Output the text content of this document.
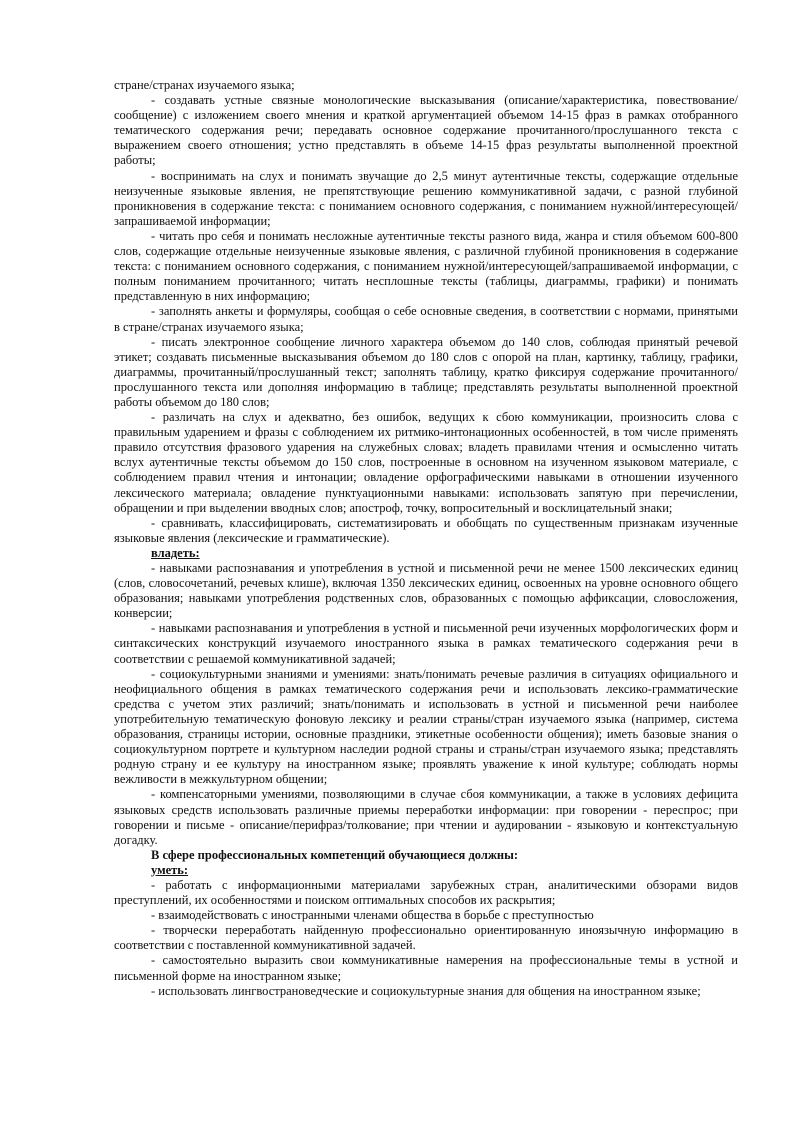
стране/странах изучаемого языка;

- создавать устные связные монологические высказывания (описание/характеристика, повествование/сообщение) с изложением своего мнения и краткой аргументацией объемом 14-15 фраз в рамках отобранного тематического содержания речи; передавать основное содержание прочитанного/прослушанного текста с выражением своего отношения; устно представлять в объеме 14-15 фраз результаты выполненной проектной работы;

- воспринимать на слух и понимать звучащие до 2,5 минут аутентичные тексты, содержащие отдельные неизученные языковые явления, не препятствующие решению коммуникативной задачи, с разной глубиной проникновения в содержание текста: с пониманием основного содержания, с пониманием нужной/интересующей/запрашиваемой информации;

- читать про себя и понимать несложные аутентичные тексты разного вида, жанра и стиля объемом 600-800 слов, содержащие отдельные неизученные языковые явления, с различной глубиной проникновения в содержание текста: с пониманием основного содержания, с пониманием нужной/интересующей/запрашиваемой информации, с полным пониманием прочитанного; читать несплошные тексты (таблицы, диаграммы, графики) и понимать представленную в них информацию;

- заполнять анкеты и формуляры, сообщая о себе основные сведения, в соответствии с нормами, принятыми в стране/странах изучаемого языка;

- писать электронное сообщение личного характера объемом до 140 слов, соблюдая принятый речевой этикет; создавать письменные высказывания объемом до 180 слов с опорой на план, картинку, таблицу, графики, диаграммы, прочитанный/прослушанный текст; заполнять таблицу, кратко фиксируя содержание прочитанного/прослушанного текста или дополняя информацию в таблице; представлять результаты выполненной проектной работы объемом до 180 слов;

- различать на слух и адекватно, без ошибок, ведущих к сбою коммуникации, произносить слова с правильным ударением и фразы с соблюдением их ритмико-интонационных особенностей, в том числе применять правило отсутствия фразового ударения на служебных словах; владеть правилами чтения и осмысленно читать вслух аутентичные тексты объемом до 150 слов, построенные в основном на изученном языковом материале, с соблюдением правил чтения и интонации; овладение орфографическими навыками в отношении изученного лексического материала; овладение пунктуационными навыками: использовать запятую при перечислении, обращении и при выделении вводных слов; апостроф, точку, вопросительный и восклицательный знаки;

- сравнивать, классифицировать, систематизировать и обобщать по существенным признакам изученные языковые явления (лексические и грамматические).

владеть:

- навыками распознавания и употребления в устной и письменной речи не менее 1500 лексических единиц (слов, словосочетаний, речевых клише), включая 1350 лексических единиц, освоенных на уровне основного общего образования; навыками употребления родственных слов, образованных с помощью аффиксации, словосложения, конверсии;

- навыками распознавания и употребления в устной и письменной речи изученных морфологических форм и синтаксических конструкций изучаемого иностранного языка в рамках тематического содержания речи в соответствии с решаемой коммуникативной задачей;

- социокультурными знаниями и умениями: знать/понимать речевые различия в ситуациях официального и неофициального общения в рамках тематического содержания речи и использовать лексико-грамматические средства с учетом этих различий; знать/понимать и использовать в устной и письменной речи наиболее употребительную тематическую фоновую лексику и реалии страны/стран изучаемого языка (например, система образования, страницы истории, основные праздники, этикетные особенности общения); иметь базовые знания о социокультурном портрете и культурном наследии родной страны и страны/стран изучаемого языка; представлять родную страну и ее культуру на иностранном языке; проявлять уважение к иной культуре; соблюдать нормы вежливости в межкультурном общении;

- компенсаторными умениями, позволяющими в случае сбоя коммуникации, а также в условиях дефицита языковых средств использовать различные приемы переработки информации: при говорении - переспрос; при говорении и письме - описание/перифраз/толкование; при чтении и аудировании - языковую и контекстуальную догадку.

В сфере профессиональных компетенций обучающиеся должны:

уметь:

- работать с информационными материалами зарубежных стран, аналитическими обзорами видов преступлений, их особенностями и поиском оптимальных способов их раскрытия;

- взаимодействовать с иностранными членами общества в борьбе с преступностью

- творчески переработать найденную профессионально ориентированную иноязычную информацию в соответствии с поставленной коммуникативной задачей.

- самостоятельно выразить свои коммуникативные намерения на профессиональные темы в устной и письменной форме на иностранном языке;

- использовать лингвострановедческие и социокультурные знания для общения на иностранном языке;
